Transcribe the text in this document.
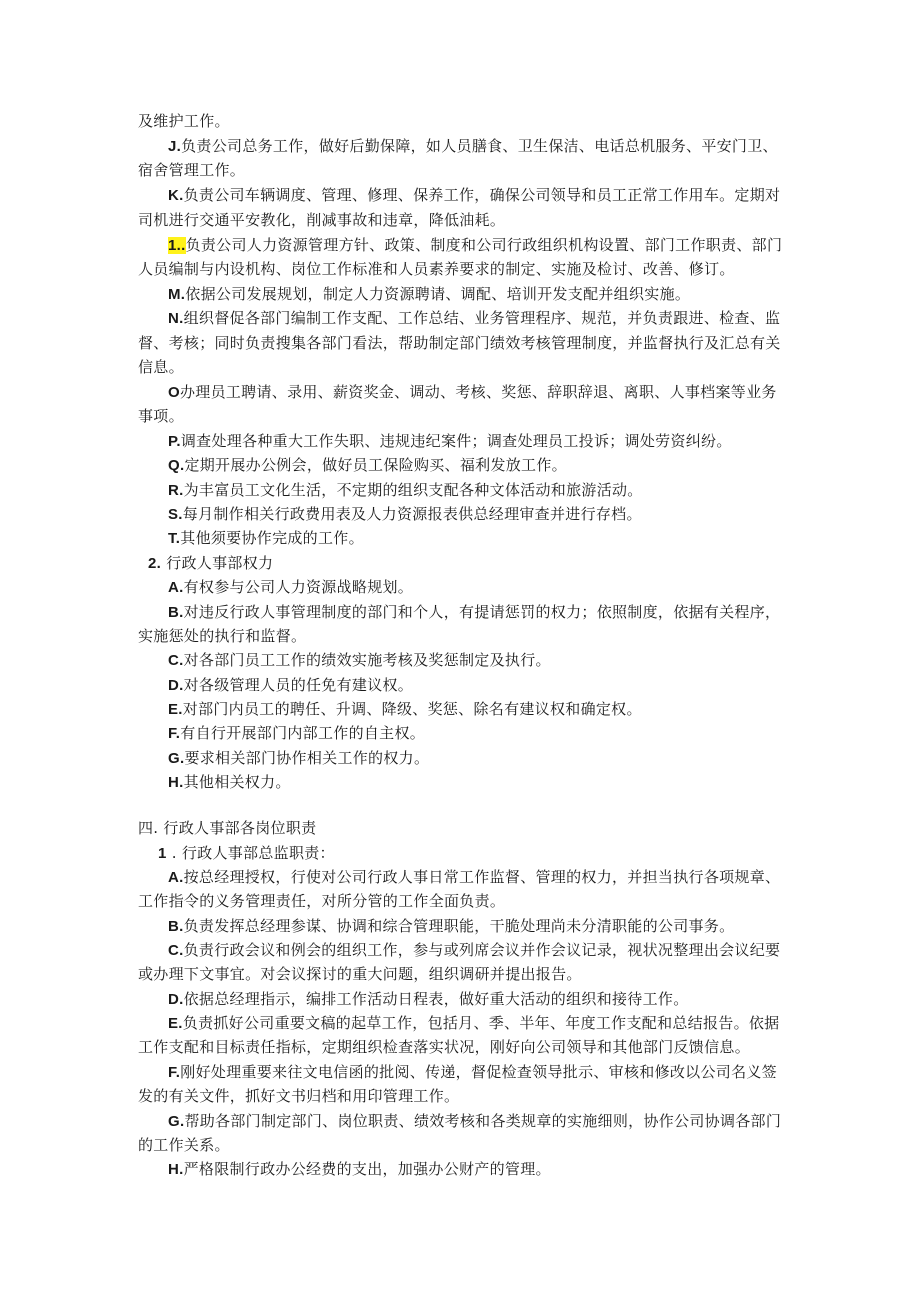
及维护工作。
J.负责公司总务工作，做好后勤保障，如人员膳食、卫生保洁、电话总机服务、平安门卫、
宿舍管理工作。
K.负责公司车辆调度、管理、修理、保养工作，确保公司领导和员工正常工作用车。定期对
司机进行交通平安教化，削减事故和违章，降低油耗。
1..负责公司人力资源管理方针、政策、制度和公司行政组织机构设置、部门工作职责、部门
人员编制与内设机构、岗位工作标准和人员素养要求的制定、实施及检讨、改善、修订。
M.依据公司发展规划，制定人力资源聘请、调配、培训开发支配并组织实施。
N.组织督促各部门编制工作支配、工作总结、业务管理程序、规范，并负责跟进、检查、监
督、考核；同时负责搜集各部门看法，帮助制定部门绩效考核管理制度，并监督执行及汇总有关
信息。
O办理员工聘请、录用、薪资奖金、调动、考核、奖惩、辞职辞退、离职、人事档案等业务
事项。
P.调查处理各种重大工作失职、违规违纪案件；调查处理员工投诉；调处劳资纠纷。
Q.定期开展办公例会，做好员工保险购买、福利发放工作。
R.为丰富员工文化生活，不定期的组织支配各种文体活动和旅游活动。
S.每月制作相关行政费用表及人力资源报表供总经理审查并进行存档。
T.其他须要协作完成的工作。
2. 行政人事部权力
A.有权参与公司人力资源战略规划。
B.对违反行政人事管理制度的部门和个人，有提请惩罚的权力；依照制度，依据有关程序，
实施惩处的执行和监督。
C.对各部门员工工作的绩效实施考核及奖惩制定及执行。
D.对各级管理人员的任免有建议权。
E.对部门内员工的聘任、升调、降级、奖惩、除名有建议权和确定权。
F.有自行开展部门内部工作的自主权。
G.要求相关部门协作相关工作的权力。
H.其他相关权力。
四. 行政人事部各岗位职责
1 . 行政人事部总监职责：
A.按总经理授权，行使对公司行政人事日常工作监督、管理的权力，并担当执行各项规章、
工作指令的义务管理责任，对所分管的工作全面负责。
B.负责发挥总经理参谋、协调和综合管理职能，干脆处理尚未分清职能的公司事务。
C.负责行政会议和例会的组织工作，参与或列席会议并作会议记录，视状况整理出会议纪要
或办理下文事宜。对会议探讨的重大问题，组织调研并提出报告。
D.依据总经理指示，编排工作活动日程表，做好重大活动的组织和接待工作。
E.负责抓好公司重要文稿的起草工作，包括月、季、半年、年度工作支配和总结报告。依据
工作支配和目标责任指标，定期组织检查落实状况，刚好向公司领导和其他部门反馈信息。
F.刚好处理重要来往文电信函的批阅、传递，督促检查领导批示、审核和修改以公司名义签
发的有关文件，抓好文书归档和用印管理工作。
G.帮助各部门制定部门、岗位职责、绩效考核和各类规章的实施细则，协作公司协调各部门
的工作关系。
H.严格限制行政办公经费的支出，加强办公财产的管理。
